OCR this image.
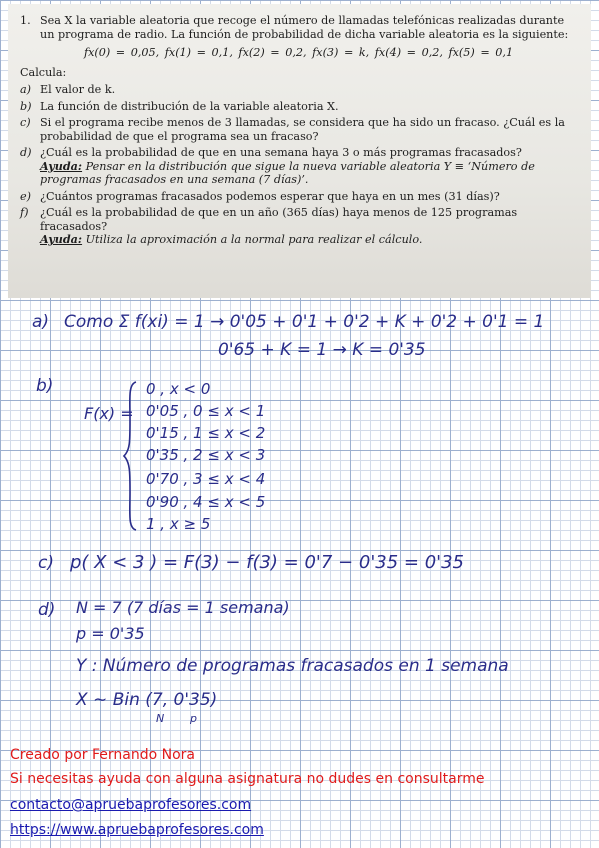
1. Sea X la variable aleatoria que recoge el número de llamadas telefónicas realizadas durante un programa de radio. La función de probabilidad de dicha variable aleatoria es la siguiente:
fx(0) = 0,05, fx(1) = 0,1, fx(2) = 0,2, fx(3) = k, fx(4) = 0,2, fx(5) = 0,1
Calcula:
a) El valor de k.
b) La función de distribución de la variable aleatoria X.
c) Si el programa recibe menos de 3 llamadas, se considera que ha sido un fracaso. ¿Cuál es la probabilidad de que el programa sea un fracaso?
d) ¿Cuál es la probabilidad de que en una semana haya 3 o más programas fracasados?
Ayuda: Pensar en la distribución que sigue la nueva variable aleatoria Y ≡ ‘Número de programas fracasados en una semana (7 días)’.
e) ¿Cuántos programas fracasados podemos esperar que haya en un mes (31 días)?
f)	¿Cuál es la probabilidad de que en un año (365 días) haya menos de 125 programas fracasados?
Ayuda: Utiliza la aproximación a la normal para realizar el cálculo.
a) Como Σ f(xi) = 1 → 0'05 + 0'1 + 0'2 + K + 0'2 + 0'1 = 1
0'65 + K = 1 → K = 0'35
b)
F(x) =
0 , x < 0
0'05 , 0 ≤ x < 1
0'15 , 1 ≤ x < 2
0'35 , 2 ≤ x < 3
0'70 , 3 ≤ x < 4
0'90 , 4 ≤ x < 5
1 , x ≥ 5
c) p( X < 3 ) = F(3) − f(3) = 0'7 − 0'35 = 0'35
d) N = 7 (7 días = 1 semana)
p = 0'35
Y : Número de programas fracasados en 1 semana
X ∼ Bin (7, 0'35)
N p
Creado por Fernando Nora
Si necesitas ayuda con alguna asignatura no dudes en consultarme
contacto@apruebaprofesores.com
https://www.apruebaprofesores.com
